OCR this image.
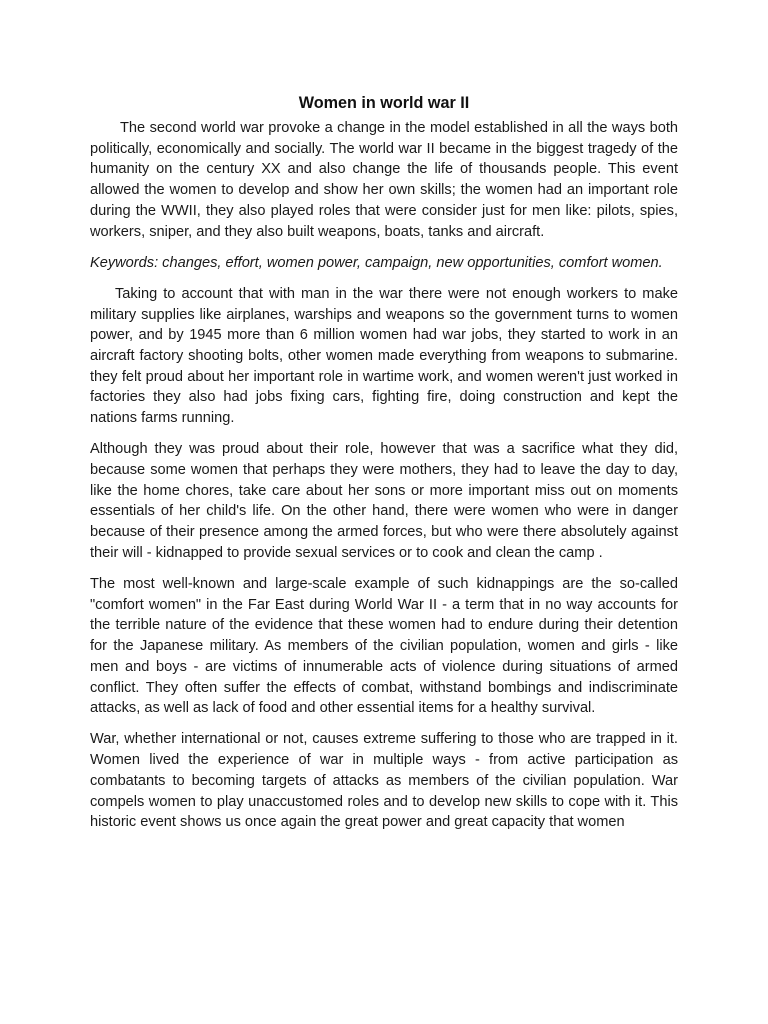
Women in world war II

The second world war provoke a change in the model established in all the ways both politically, economically and socially. The world war II became in the biggest tragedy of the humanity on the century XX and also change the life of thousands people. This event allowed the women to develop and show her own skills; the women had an important role during the WWII, they also played roles that were consider just for men like: pilots, spies, workers, sniper, and they also built weapons, boats, tanks and aircraft.

Keywords: changes, effort, women power, campaign, new opportunities, comfort women.

Taking to account that with man in the war there were not enough workers to make military supplies like airplanes, warships and weapons so the government turns to women power, and by 1945 more than 6 million women had war jobs, they started to work in an aircraft factory shooting bolts, other women made everything from weapons to submarine. they felt proud about her important role in wartime work, and women weren't just worked in factories they also had jobs fixing cars, fighting fire, doing construction and kept the nations farms running.

Although they was proud about their role, however that was a sacrifice what they did, because some women that perhaps they were mothers, they had to leave the day to day, like the home chores, take care about her sons or more important miss out on moments essentials of her child's life. On the other hand, there were women who were in danger because of their presence among the armed forces, but who were there absolutely against their will - kidnapped to provide sexual services or to cook and clean the camp .

The most well-known and large-scale example of such kidnappings are the so-called "comfort women" in the Far East during World War II - a term that in no way accounts for the terrible nature of the evidence that these women had to endure during their detention for the Japanese military. As members of the civilian population, women and girls - like men and boys - are victims of innumerable acts of violence during situations of armed conflict. They often suffer the effects of combat, withstand bombings and indiscriminate attacks, as well as lack of food and other essential items for a healthy survival.

War, whether international or not, causes extreme suffering to those who are trapped in it. Women lived the experience of war in multiple ways - from active participation as combatants to becoming targets of attacks as members of the civilian population. War compels women to play unaccustomed roles and to develop new skills to cope with it. This historic event shows us once again the great power and great capacity that women
